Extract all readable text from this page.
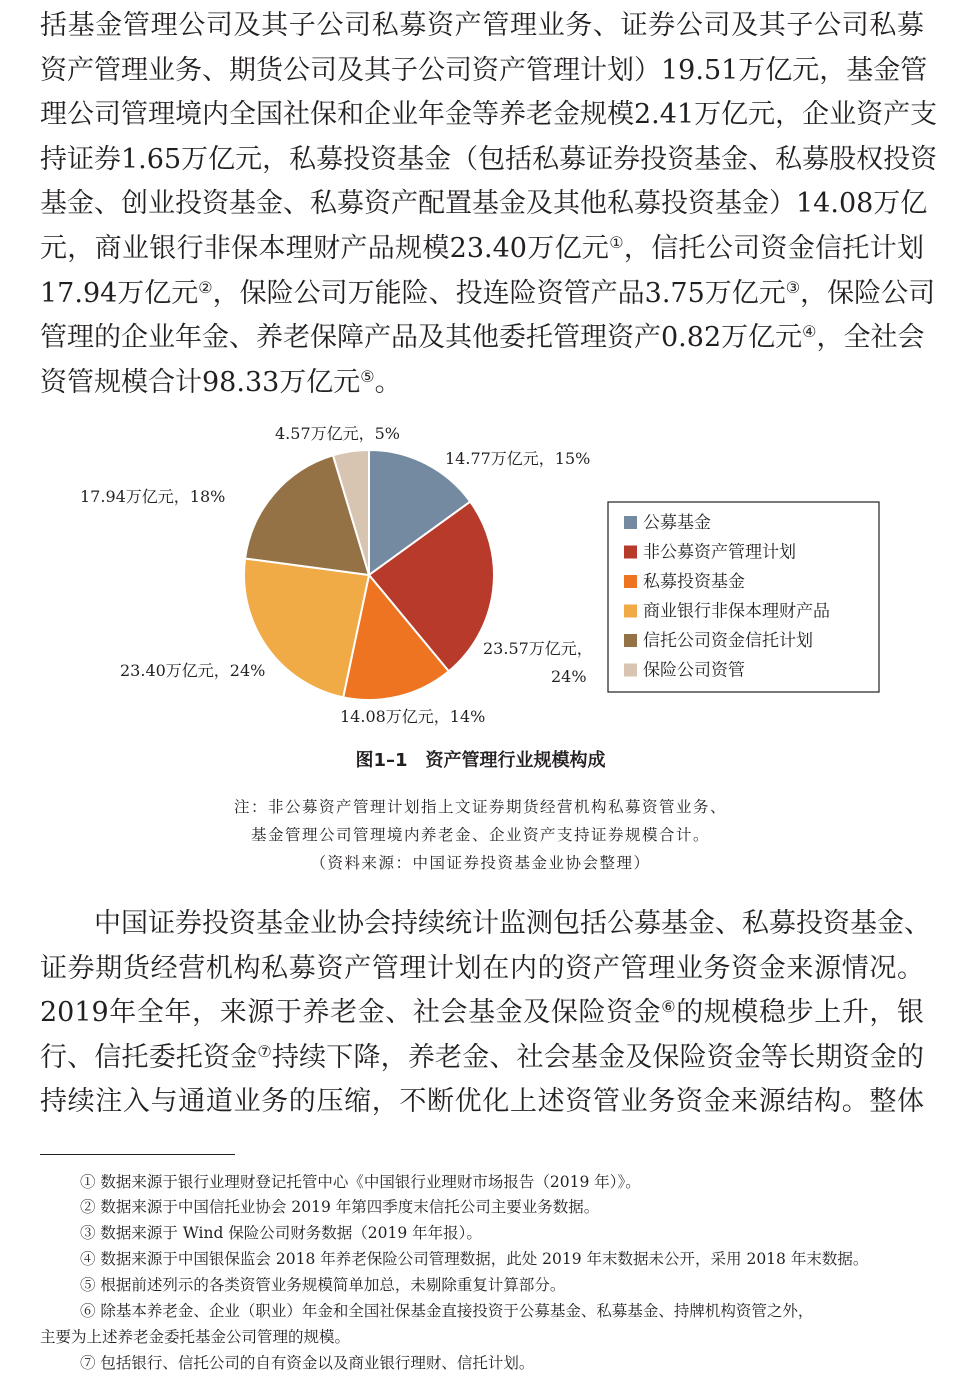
括基金管理公司及其子公司私募资产管理业务、证券公司及其子公司私募
资产管理业务、期货公司及其子公司资产管理计划）19.51万亿元，基金管
理公司管理境内全国社保和企业年金等养老金规模2.41万亿元，企业资产支
持证券1.65万亿元，私募投资基金（包括私募证券投资基金、私募股权投资
基金、创业投资基金、私募资产配置基金及其他私募投资基金）14.08万亿
元，商业银行非保本理财产品规模23.40万亿元①，信托公司资金信托计划
17.94万亿元②，保险公司万能险、投连险资管产品3.75万亿元③，保险公司
管理的企业年金、养老保障产品及其他委托管理资产0.82万亿元④，全社会
资管规模合计98.33万亿元⑤。
14.77万亿元，15%
23.57万亿元， 24%
14.08万亿元，14%
23.40万亿元，24%
17.94万亿元，18%
4.57万亿元，5%
公募基金
非公募资产管理计划
私募投资基金
商业银行非保本理财产品
信托公司资金信托计划
保险公司资管
图1–1 资产管理行业规模构成
注：非公募资产管理计划指上文证券期货经营机构私募资管业务、
基金管理公司管理境内养老金、企业资产支持证券规模合计。
（资料来源：中国证券投资基金业协会整理）
中国证券投资基金业协会持续统计监测包括公募基金、私募投资基金、
证券期货经营机构私募资产管理计划在内的资产管理业务资金来源情况。
2019年全年，来源于养老金、社会基金及保险资金⑥的规模稳步上升，银
行、信托委托资金⑦持续下降，养老金、社会基金及保险资金等长期资金的
持续注入与通道业务的压缩，不断优化上述资管业务资金来源结构。整体
① 数据来源于银行业理财登记托管中心《中国银行业理财市场报告（2019 年）》。
② 数据来源于中国信托业协会 2019 年第四季度末信托公司主要业务数据。
③ 数据来源于 Wind 保险公司财务数据（2019 年年报）。
④ 数据来源于中国银保监会 2018 年养老保险公司管理数据，此处 2019 年末数据未公开，采用 2018 年末数据。
⑤ 根据前述列示的各类资管业务规模简单加总，未剔除重复计算部分。
⑥ 除基本养老金、企业（职业）年金和全国社保基金直接投资于公募基金、私募基金、持牌机构资管之外，
主要为上述养老金委托基金公司管理的规模。
⑦ 包括银行、信托公司的自有资金以及商业银行理财、信托计划。
